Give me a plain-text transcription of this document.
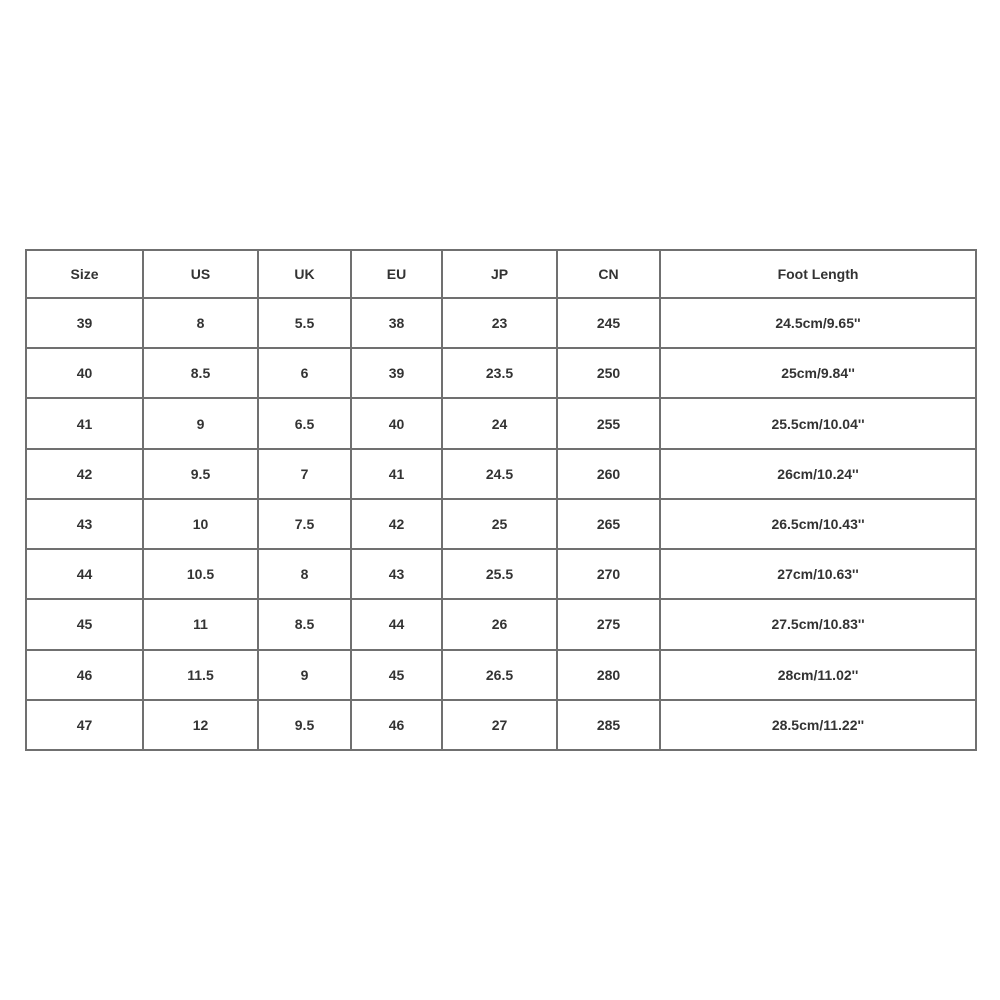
Size	US	UK	EU	JP	CN	Foot Length
39	8	5.5	38	23	245	24.5cm/9.65''
40	8.5	6	39	23.5	250	25cm/9.84''
41	9	6.5	40	24	255	25.5cm/10.04''
42	9.5	7	41	24.5	260	26cm/10.24''
43	10	7.5	42	25	265	26.5cm/10.43''
44	10.5	8	43	25.5	270	27cm/10.63''
45	11	8.5	44	26	275	27.5cm/10.83''
46	11.5	9	45	26.5	280	28cm/11.02''
47	12	9.5	46	27	285	28.5cm/11.22''
